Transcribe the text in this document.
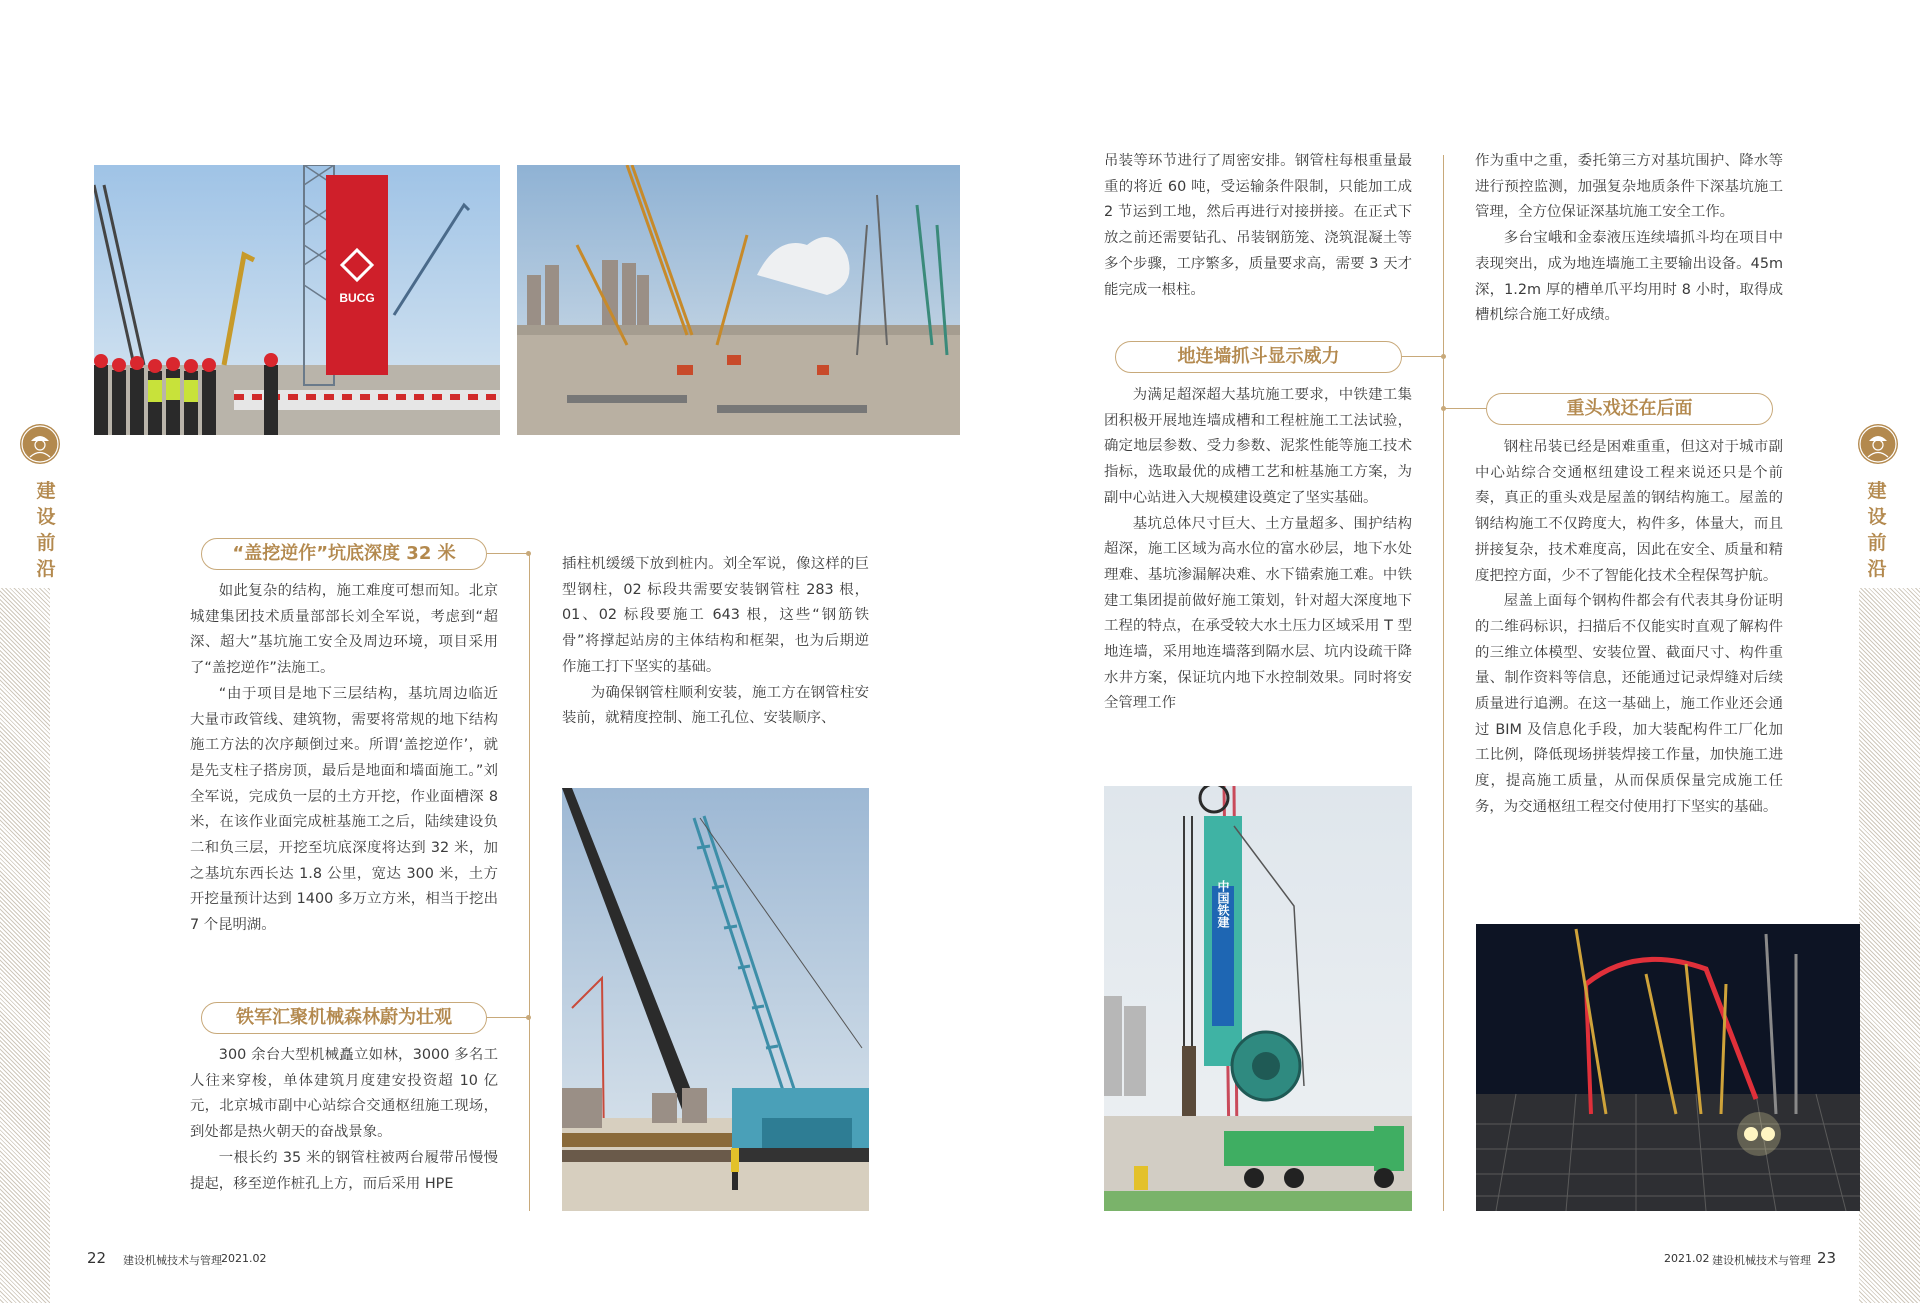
建设前沿
BUCG
“盖挖逆作”坑底深度 32 米

如此复杂的结构，施工难度可想而知。北京城建集团技术质量部部长刘全军说，考虑到“超深、超大”基坑施工安全及周边环境，项目采用了“盖挖逆作”法施工。

“由于项目是地下三层结构，基坑周边临近大量市政管线、建筑物，需要将常规的地下结构施工方法的次序颠倒过来。所谓‘盖挖逆作’，就是先支柱子搭房顶，最后是地面和墙面施工。”刘全军说，完成负一层的土方开挖，作业面槽深 8 米，在该作业面完成桩基施工之后，陆续建设负二和负三层，开挖至坑底深度将达到 32 米，加之基坑东西长达 1.8 公里，宽达 300 米，土方开挖量预计达到 1400 多万立方米，相当于挖出 7 个昆明湖。

铁军汇聚机械森林蔚为壮观

300 余台大型机械矗立如林，3000 多名工人往来穿梭，单体建筑月度建安投资超 10 亿元，北京城市副中心站综合交通枢纽施工现场，到处都是热火朝天的奋战景象。

一根长约 35 米的钢管柱被两台履带吊慢慢提起，移至逆作桩孔上方，而后采用 HPE

插柱机缓缓下放到桩内。刘全军说，像这样的巨型钢柱，02 标段共需要安装钢管柱 283 根，01、02 标段要施工 643 根，这些“钢筋铁骨”将撑起站房的主体结构和框架，也为后期逆作施工打下坚实的基础。

为确保钢管柱顺利安装，施工方在钢管柱安装前，就精度控制、施工孔位、安装顺序、

22 建设机械技术与管理 2021.02
建设前沿

吊装等环节进行了周密安排。钢管柱每根重量最重的将近 60 吨，受运输条件限制，只能加工成 2 节运到工地，然后再进行对接拼接。在正式下放之前还需要钻孔、吊装钢筋笼、浇筑混凝土等多个步骤，工序繁多，质量要求高，需要 3 天才能完成一根柱。

地连墙抓斗显示威力

为满足超深超大基坑施工要求，中铁建工集团积极开展地连墙成槽和工程桩施工工法试验，确定地层参数、受力参数、泥浆性能等施工技术指标，选取最优的成槽工艺和桩基施工方案，为副中心站进入大规模建设奠定了坚实基础。

基坑总体尺寸巨大、土方量超多、围护结构超深，施工区域为高水位的富水砂层，地下水处理难、基坑渗漏解决难、水下锚索施工难。中铁建工集团提前做好施工策划，针对超大深度地下工程的特点，在承受较大水土压力区域采用 T 型地连墙，采用地连墙落到隔水层、坑内设疏干降水井方案，保证坑内地下水控制效果。同时将安全管理工作

中国铁建

作为重中之重，委托第三方对基坑围护、降水等进行预控监测，加强复杂地质条件下深基坑施工管理，全方位保证深基坑施工安全工作。

多台宝峨和金泰液压连续墙抓斗均在项目中表现突出，成为地连墙施工主要输出设备。45m 深，1.2m 厚的槽单爪平均用时 8 小时，取得成槽机综合施工好成绩。

重头戏还在后面

钢柱吊装已经是困难重重，但这对于城市副中心站综合交通枢纽建设工程来说还只是个前奏，真正的重头戏是屋盖的钢结构施工。屋盖的钢结构施工不仅跨度大，构件多，体量大，而且拼接复杂，技术难度高，因此在安全、质量和精度把控方面，少不了智能化技术全程保驾护航。

屋盖上面每个钢构件都会有代表其身份证明的二维码标识，扫描后不仅能实时直观了解构件的三维立体模型、安装位置、截面尺寸、构件重量、制作资料等信息，还能通过记录焊缝对后续质量进行追溯。在这一基础上，施工作业还会通过 BIM 及信息化手段，加大装配构件工厂化加工比例，降低现场拼装焊接工作量，加快施工进度，提高施工质量，从而保质保量完成施工任务，为交通枢纽工程交付使用打下坚实的基础。

2021.02 建设机械技术与管理 23
